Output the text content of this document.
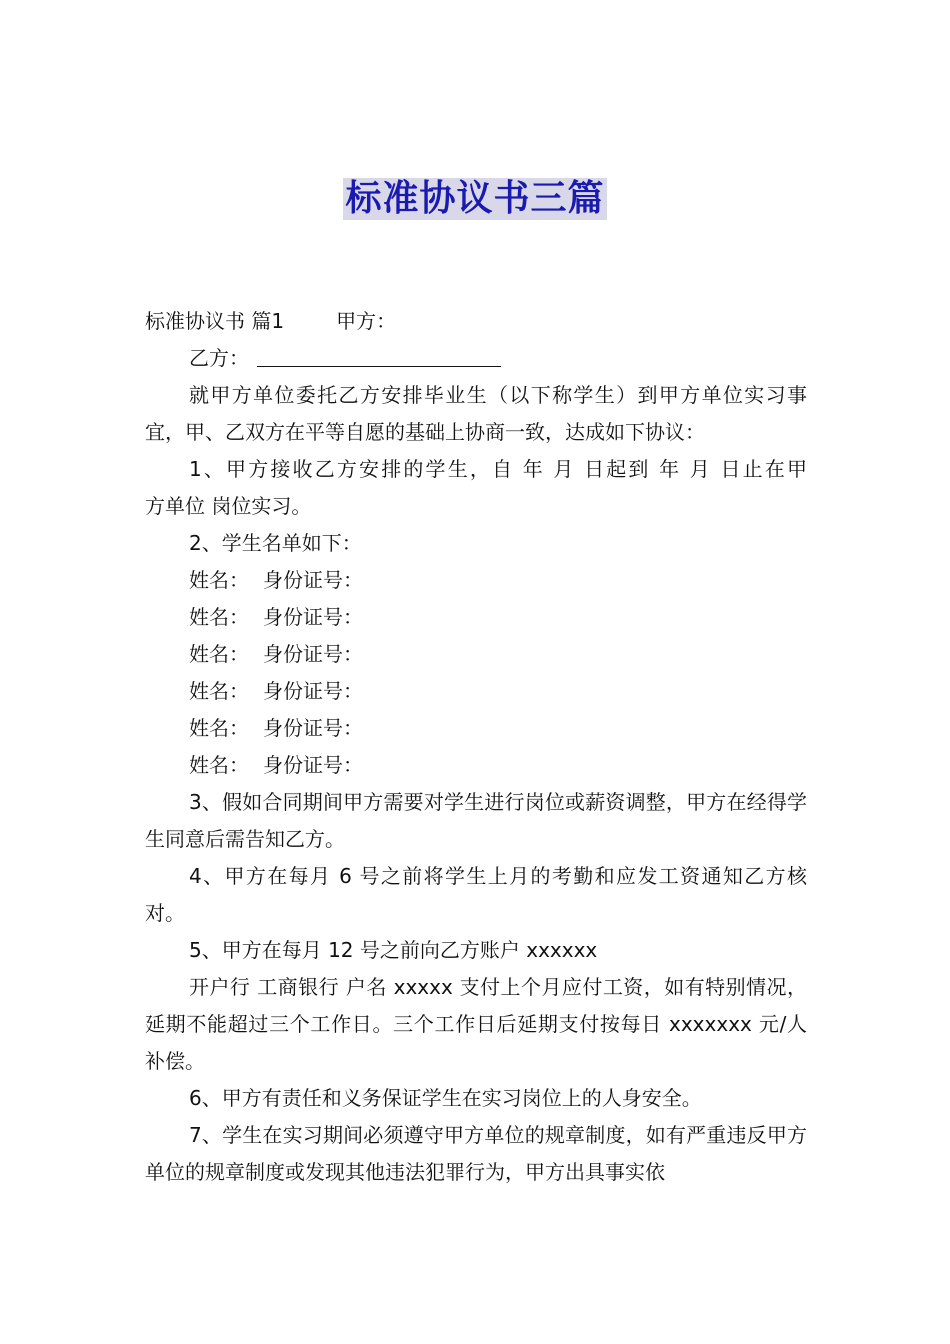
标准协议书三篇

标准协议书 篇1	甲方：

乙方：

就甲方单位委托乙方安排毕业生（以下称学生）到甲方单位实习事宜，甲、乙双方在平等自愿的基础上协商一致，达成如下协议：

1、甲方接收乙方安排的学生，自 年 月 日起到 年 月 日止在甲

方单位 岗位实习。

2、学生名单如下：

姓名： 身份证号：

姓名： 身份证号：

姓名： 身份证号：

姓名： 身份证号：

姓名： 身份证号：

姓名： 身份证号：

3、假如合同期间甲方需要对学生进行岗位或薪资调整，甲方在经得学生同意后需告知乙方。

4、甲方在每月 6 号之前将学生上月的考勤和应发工资通知乙方核对。

5、甲方在每月 12 号之前向乙方账户 xxxxxx

开户行 工商银行 户名 xxxxx 支付上个月应付工资，如有特别情况，延期不能超过三个工作日。三个工作日后延期支付按每日 xxxxxxx 元/人补偿。

6、甲方有责任和义务保证学生在实习岗位上的人身安全。

7、学生在实习期间必须遵守甲方单位的规章制度，如有严重违反甲方单位的规章制度或发现其他违法犯罪行为，甲方出具事实依
